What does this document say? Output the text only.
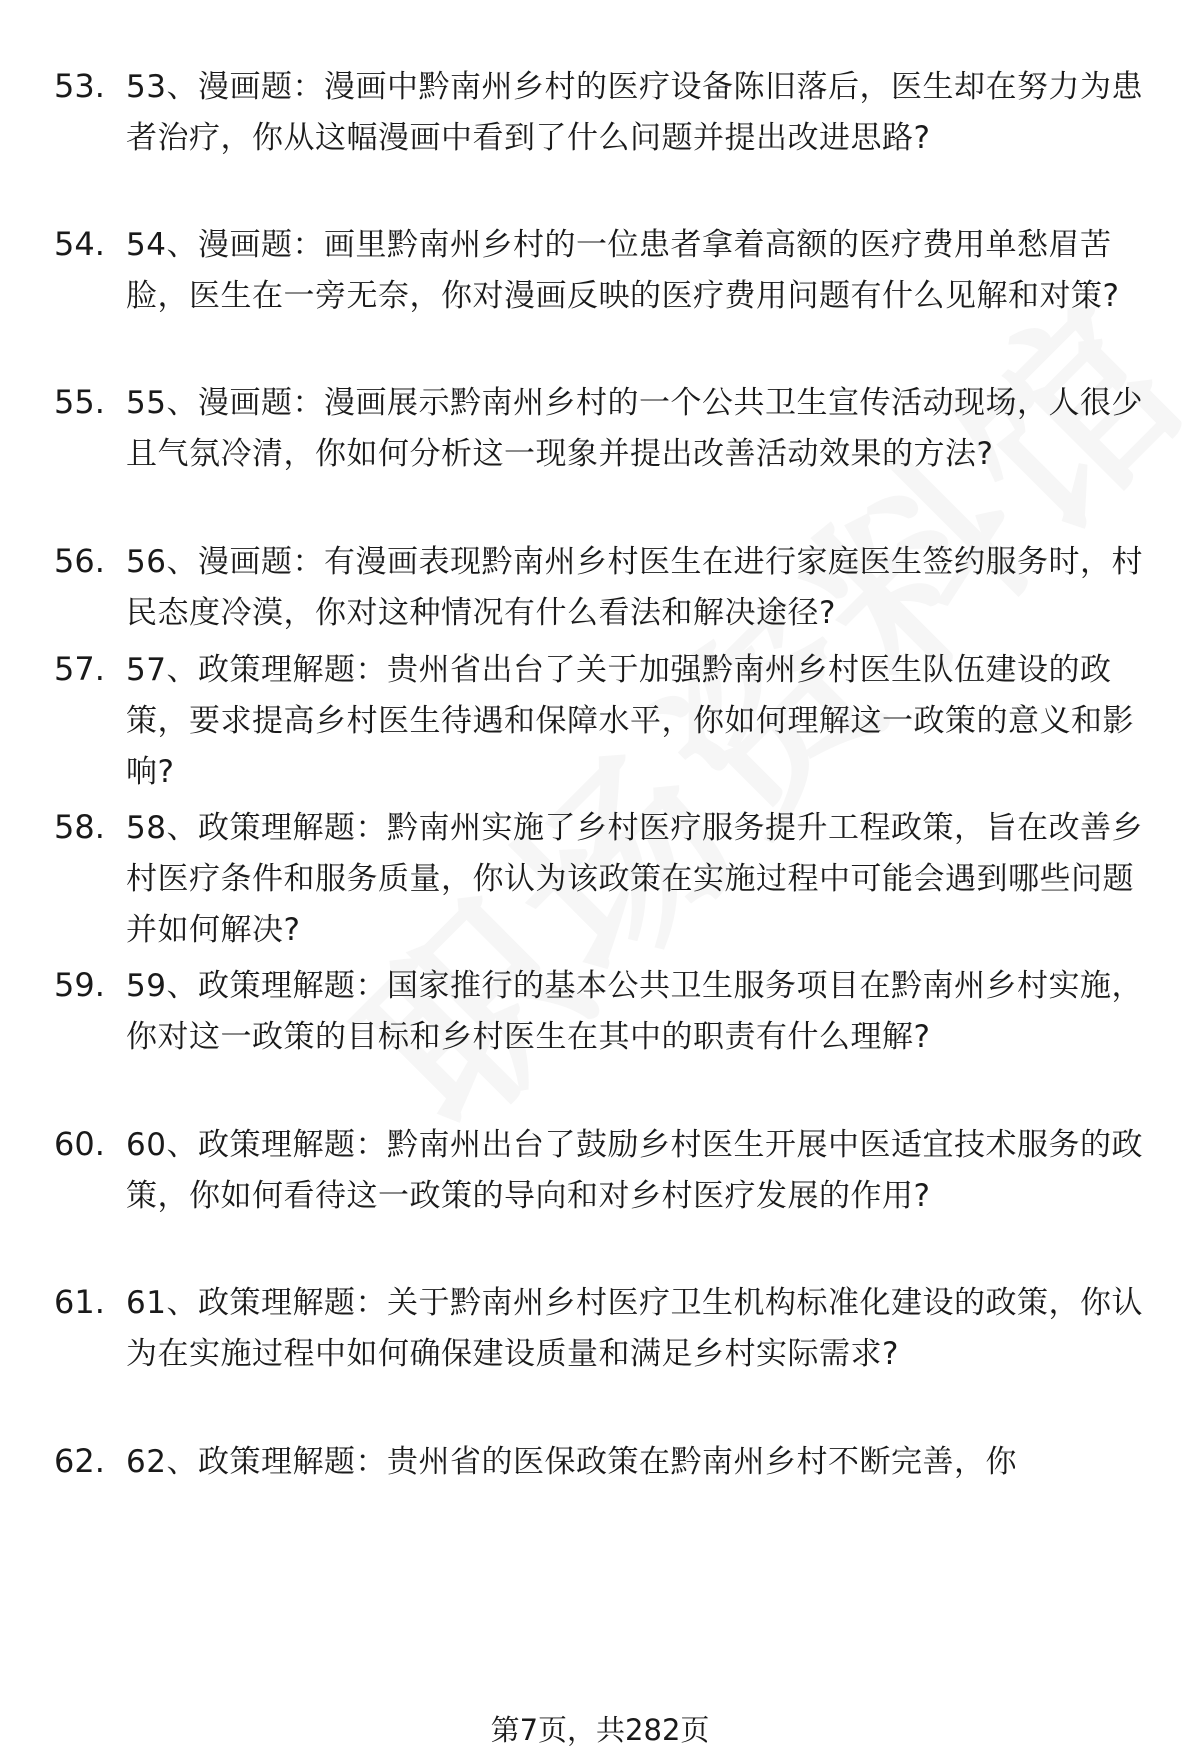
53. 53、漫画题：漫画中黔南州乡村的医疗设备陈旧落后，医生却在努力为患者治疗，你从这幅漫画中看到了什么问题并提出改进思路?
54. 54、漫画题：画里黔南州乡村的一位患者拿着高额的医疗费用单愁眉苦脸，医生在一旁无奈，你对漫画反映的医疗费用问题有什么见解和对策?
55. 55、漫画题：漫画展示黔南州乡村的一个公共卫生宣传活动现场，人很少且气氛冷清，你如何分析这一现象并提出改善活动效果的方法?
56. 56、漫画题：有漫画表现黔南州乡村医生在进行家庭医生签约服务时，村民态度冷漠，你对这种情况有什么看法和解决途径?
57. 57、政策理解题：贵州省出台了关于加强黔南州乡村医生队伍建设的政策，要求提高乡村医生待遇和保障水平，你如何理解这一政策的意义和影响?
58. 58、政策理解题：黔南州实施了乡村医疗服务提升工程政策，旨在改善乡村医疗条件和服务质量，你认为该政策在实施过程中可能会遇到哪些问题并如何解决?
59. 59、政策理解题：国家推行的基本公共卫生服务项目在黔南州乡村实施，你对这一政策的目标和乡村医生在其中的职责有什么理解?
60. 60、政策理解题：黔南州出台了鼓励乡村医生开展中医适宜技术服务的政策，你如何看待这一政策的导向和对乡村医疗发展的作用?
61. 61、政策理解题：关于黔南州乡村医疗卫生机构标准化建设的政策，你认为在实施过程中如何确保建设质量和满足乡村实际需求?
62. 62、政策理解题：贵州省的医保政策在黔南州乡村不断完善，你
第7页，共282页
